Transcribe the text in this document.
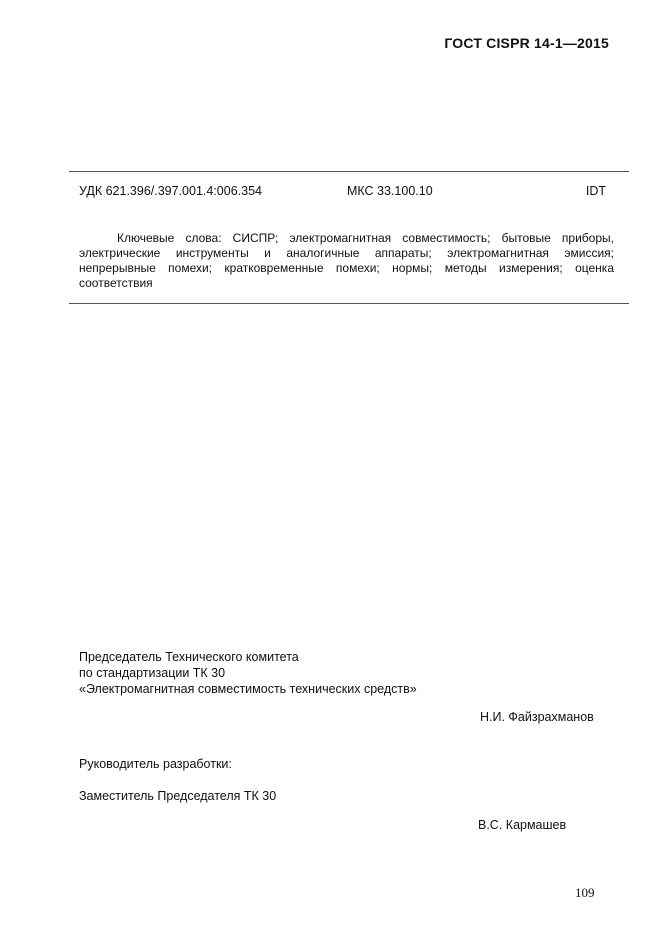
ГОСТ CISPR 14-1—2015
УДК 621.396/.397.001.4:006.354	МКС 33.100.10	IDT
Ключевые слова: СИСПР; электромагнитная совместимость; бытовые приборы, электрические инструменты и аналогичные аппараты; электромагнитная эмиссия; непрерывные помехи; кратковременные помехи; нормы; методы измерения; оценка соответствия
Председатель Технического комитета
по стандартизации ТК 30
«Электромагнитная совместимость технических средств»
Н.И. Файзрахманов
Руководитель разработки:
Заместитель Председателя ТК 30
В.С. Кармашев
109
